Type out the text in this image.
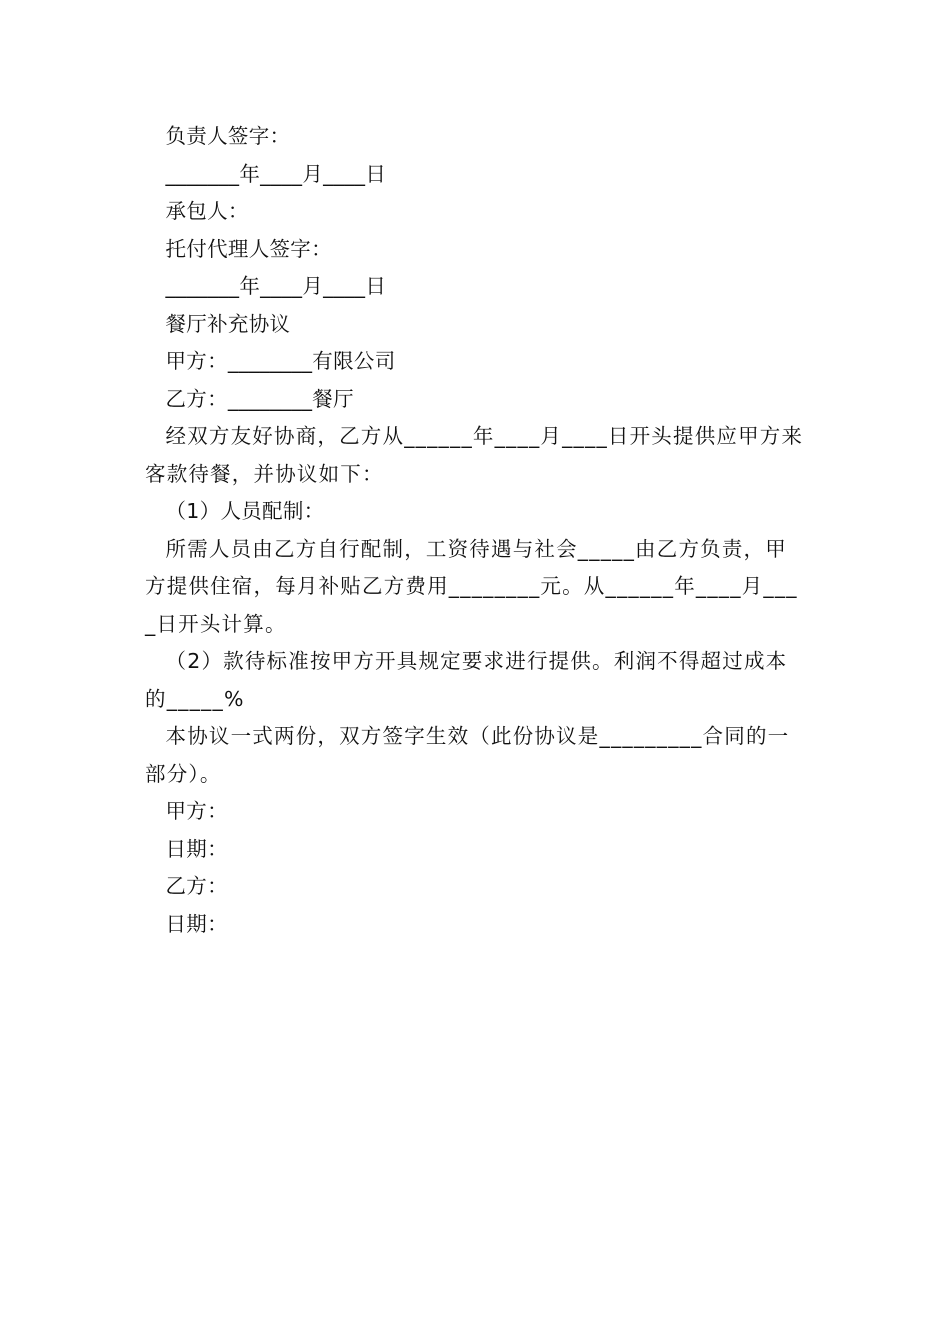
负责人签字：

_______年____月____日

承包人：

托付代理人签字：

_______年____月____日

餐厅补充协议

甲方：________有限公司

乙方：________餐厅

经双方友好协商，乙方从______年____月____日开头提供应甲方来客款待餐，并协议如下：

（1）人员配制：

所需人员由乙方自行配制，工资待遇与社会_____由乙方负责，甲方提供住宿，每月补贴乙方费用________元。从______年____月____日开头计算。

（2）款待标准按甲方开具规定要求进行提供。利润不得超过成本的_____%

本协议一式两份，双方签字生效（此份协议是_________合同的一部分）。

甲方：

日期：

乙方：

日期：
